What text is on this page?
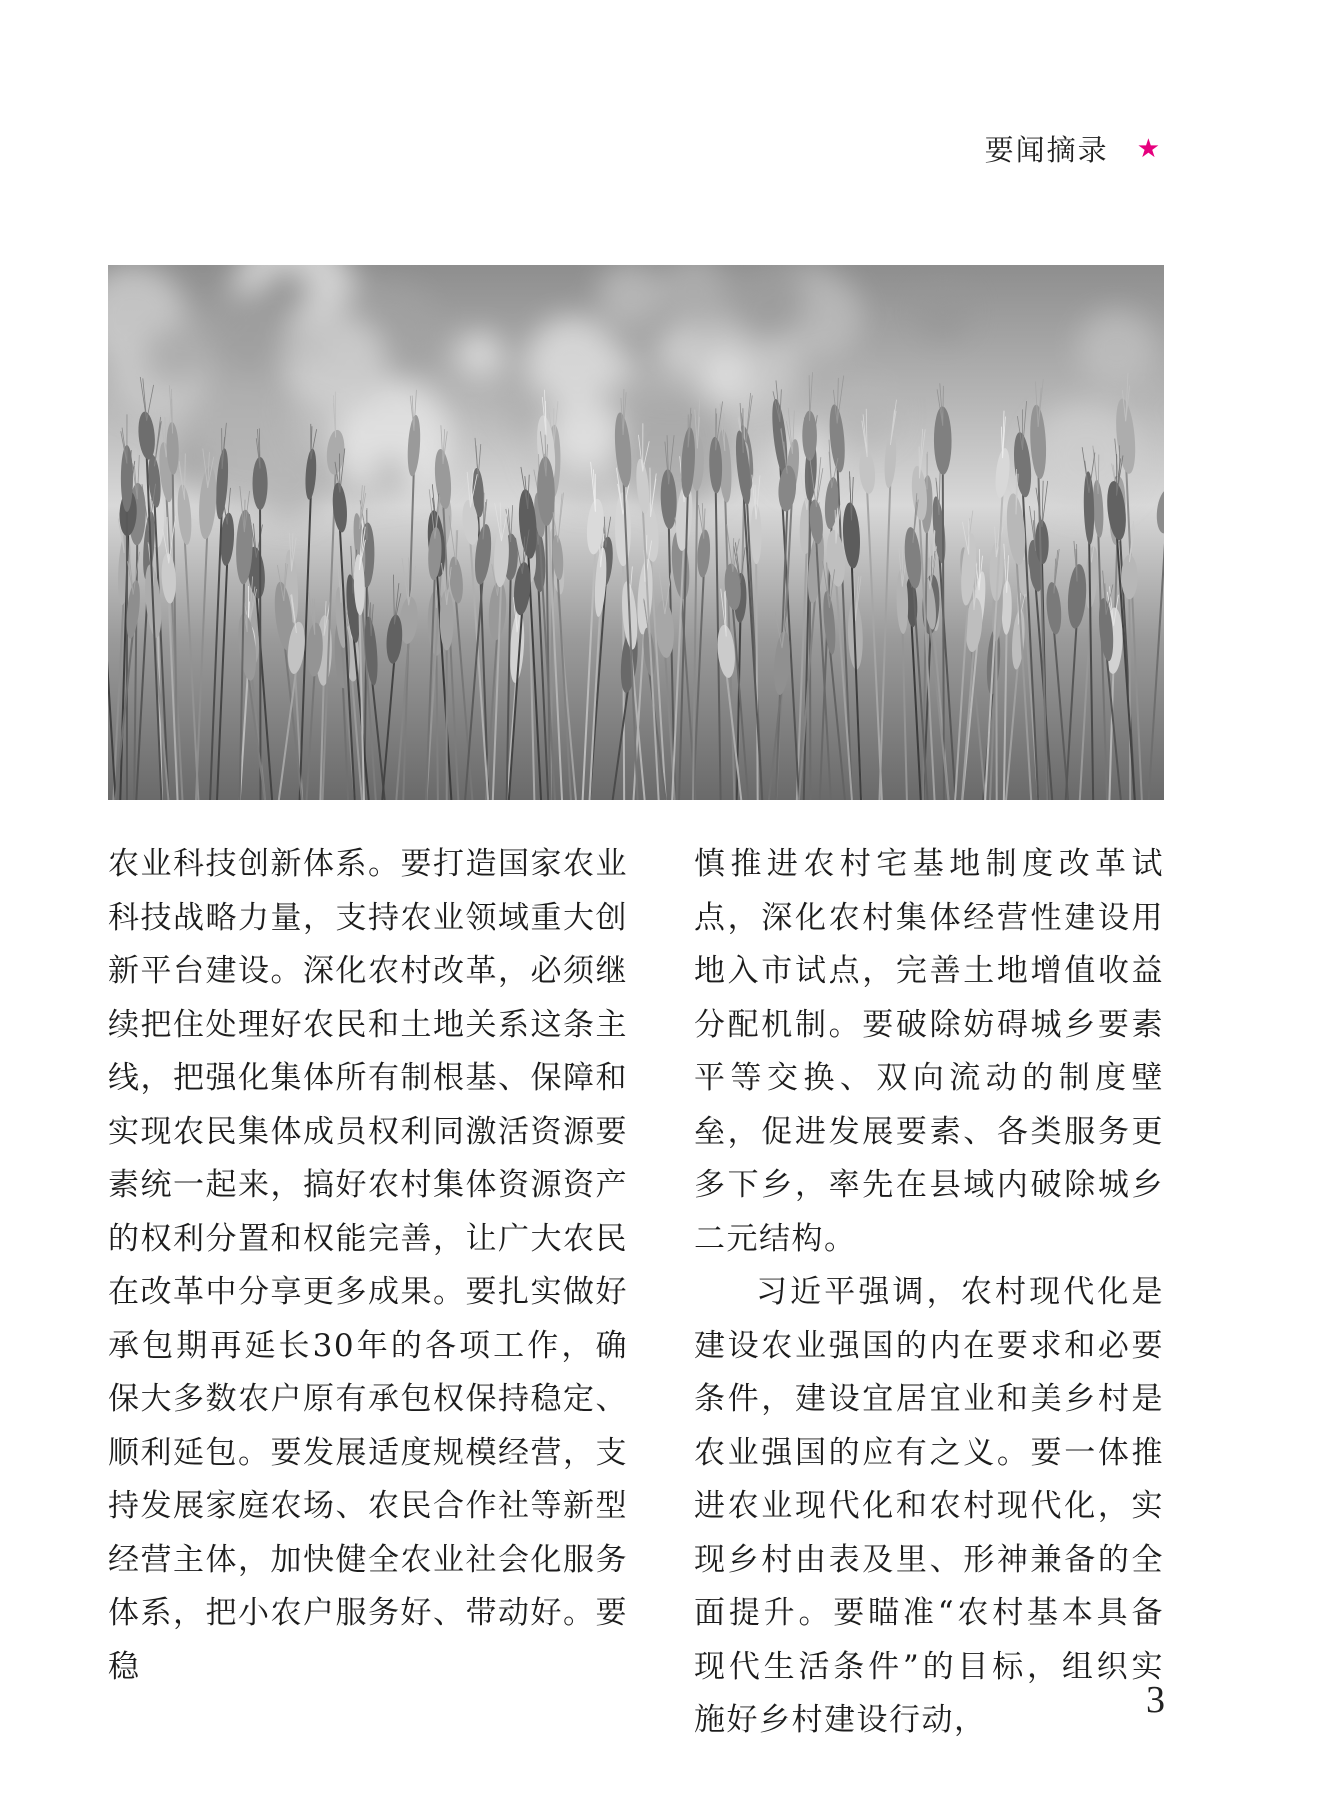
要闻摘录 ★

农业科技创新体系。要打造国家农业科技战略力量，支持农业领域重大创新平台建设。深化农村改革，必须继续把住处理好农民和土地关系这条主线，把强化集体所有制根基、保障和实现农民集体成员权利同激活资源要素统一起来，搞好农村集体资源资产的权利分置和权能完善，让广大农民在改革中分享更多成果。要扎实做好承包期再延长30年的各项工作，确保大多数农户原有承包权保持稳定、顺利延包。要发展适度规模经营，支持发展家庭农场、农民合作社等新型经营主体，加快健全农业社会化服务体系，把小农户服务好、带动好。要稳

慎推进农村宅基地制度改革试点，深化农村集体经营性建设用地入市试点，完善土地增值收益分配机制。要破除妨碍城乡要素平等交换、双向流动的制度壁垒，促进发展要素、各类服务更多下乡，率先在县域内破除城乡二元结构。

习近平强调，农村现代化是建设农业强国的内在要求和必要条件，建设宜居宜业和美乡村是农业强国的应有之义。要一体推进农业现代化和农村现代化，实现乡村由表及里、形神兼备的全面提升。要瞄准“农村基本具备现代生活条件”的目标，组织实施好乡村建设行动，	3
